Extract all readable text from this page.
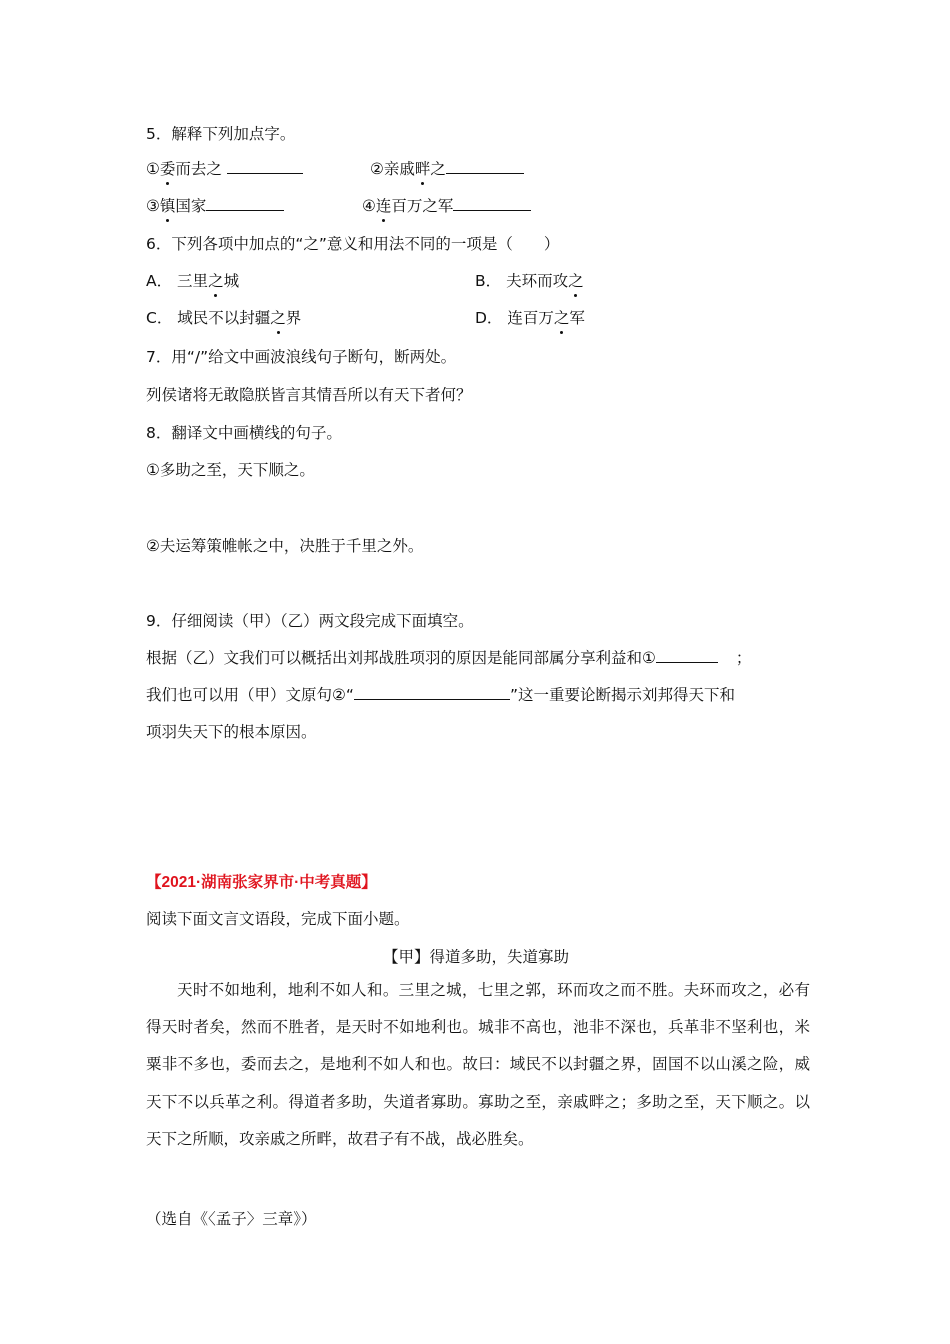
5．解释下列加点字。
①委而去之	②亲戚畔之
③镇国家	④连百万之军
6．下列各项中加点的“之”意义和用法不同的一项是（　　）
A． 三里之城	B． 夫环而攻之
C． 域民不以封疆之界	D． 连百万之军
7．用“/”给文中画波浪线句子断句，断两处。
列侯诸将无敢隐朕皆言其情吾所以有天下者何？
8．翻译文中画横线的句子。
①多助之至，天下顺之。
②夫运筹策帷帐之中，决胜于千里之外。
9．仔细阅读（甲）（乙）两文段完成下面填空。
根据（乙）文我们可以概括出刘邦战胜项羽的原因是能同部属分享利益和①	；
我们也可以用（甲）文原句②“	”这一重要论断揭示刘邦得天下和
项羽失天下的根本原因。
【2021·湖南张家界市·中考真题】
阅读下面文言文语段，完成下面小题。
【甲】得道多助，失道寡助
天时不如地利，地利不如人和。三里之城，七里之郭，环而攻之而不胜。夫环而攻之，必有得天时者矣，然而不胜者，是天时不如地利也。城非不高也，池非不深也，兵革非不坚利也，米粟非不多也，委而去之，是地利不如人和也。故曰：域民不以封疆之界，固国不以山溪之险，威天下不以兵革之利。得道者多助，失道者寡助。寡助之至，亲戚畔之；多助之至，天下顺之。以天下之所顺，攻亲戚之所畔，故君子有不战，战必胜矣。
（选自《〈孟子〉三章》）
